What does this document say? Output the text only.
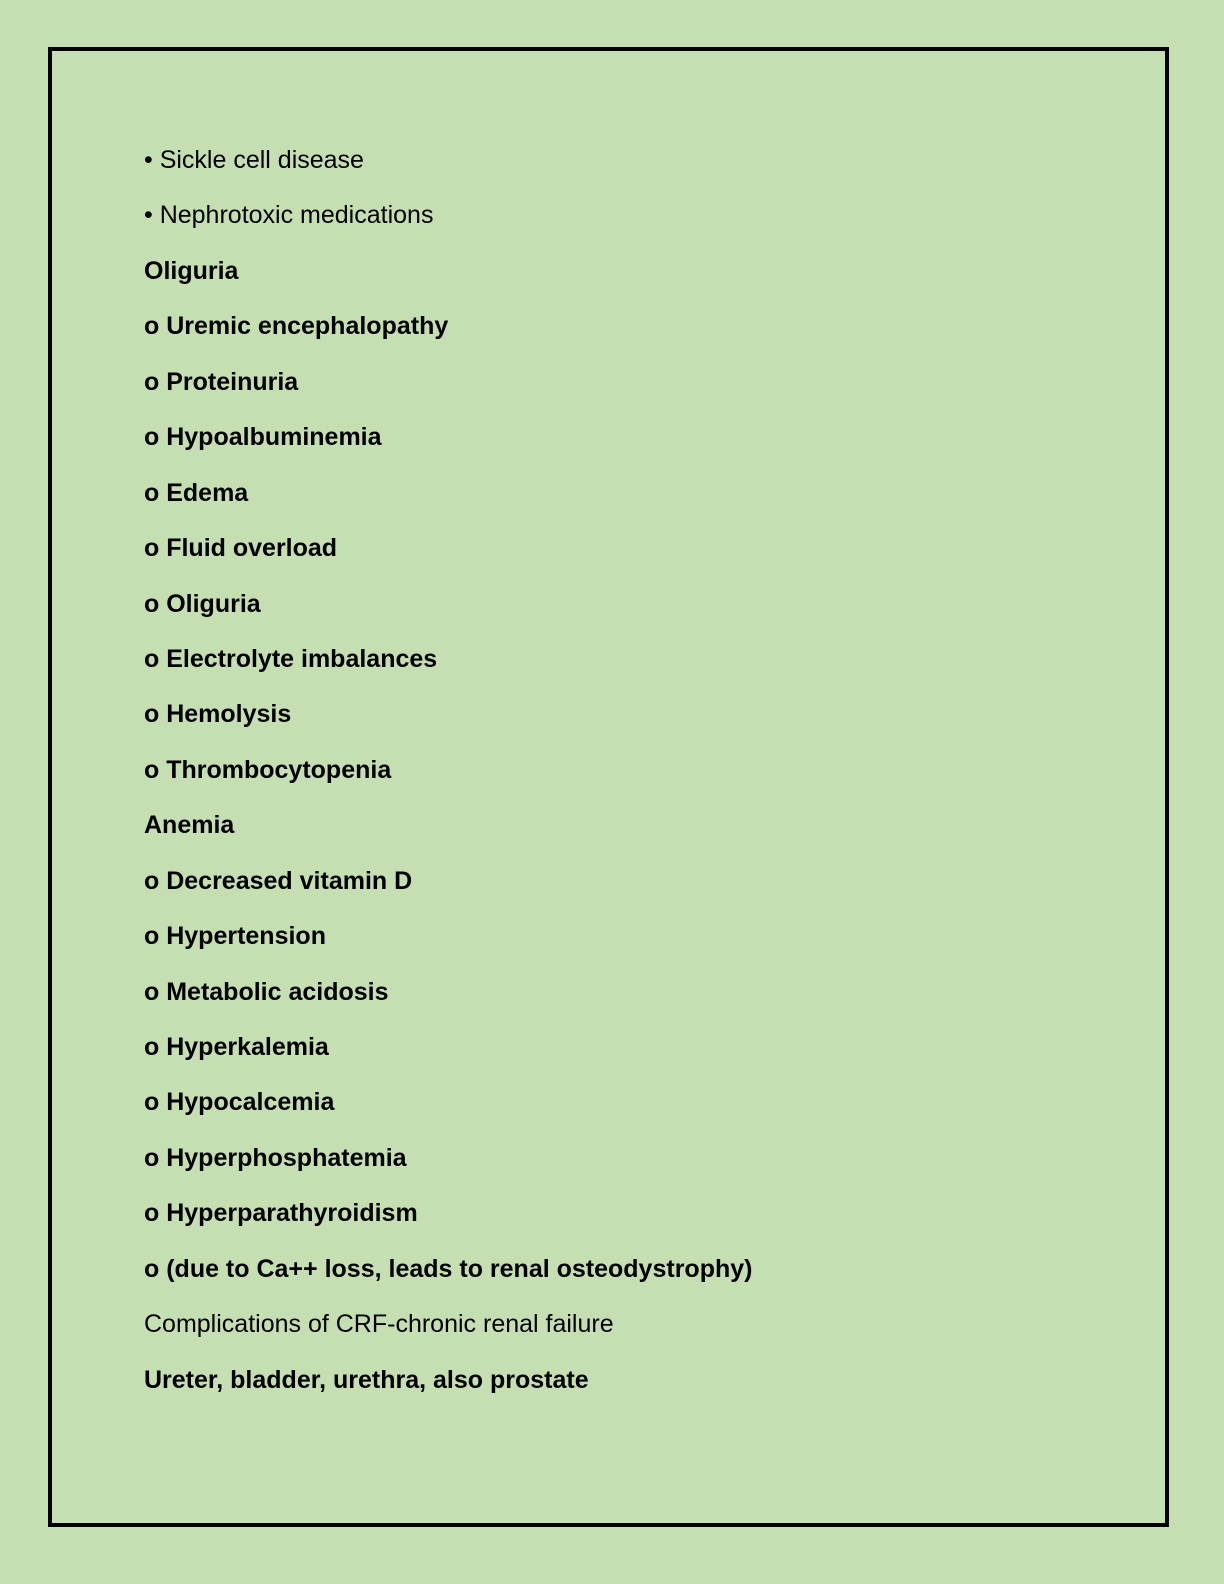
• Sickle cell disease
• Nephrotoxic medications
Oliguria
o Uremic encephalopathy
o Proteinuria
o Hypoalbuminemia
o Edema
o Fluid overload
o Oliguria
o Electrolyte imbalances
o Hemolysis
o Thrombocytopenia
Anemia
o Decreased vitamin D
o Hypertension
o Metabolic acidosis
o Hyperkalemia
o Hypocalcemia
o Hyperphosphatemia
o Hyperparathyroidism
o (due to Ca++ loss, leads to renal osteodystrophy)
Complications of CRF-chronic renal failure
Ureter, bladder, urethra, also prostate
